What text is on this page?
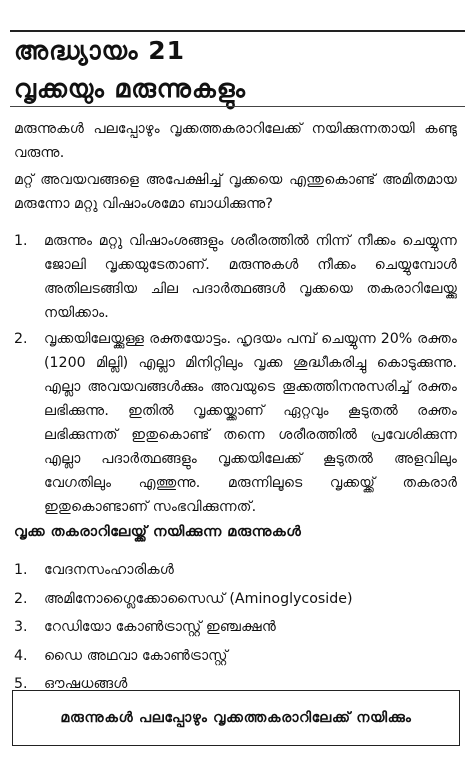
അദ്ധ്യായം 21
വൃക്കയും മരുന്നുകളും

മരുന്നുകൾ പലപ്പോഴും വൃക്കത്തകരാറിലേക്ക് നയിക്കുന്നതായി കണ്ടു വരുന്നു.

മറ്റ് അവയവങ്ങളെ അപേക്ഷിച്ച് വൃക്കയെ എന്തുകൊണ്ട് അമിതമായ മരുന്നോ മറ്റു വിഷാംശമോ ബാധിക്കുന്നു?

1.	മരുന്നും മറ്റു വിഷാംശങ്ങളും ശരീരത്തിൽ നിന്ന് നീക്കം ചെയ്യുന്ന ജോലി വൃക്കയുടേതാണ്. മരുന്നുകൾ നീക്കം ചെയ്യുമ്പോൾ അതിലടങ്ങിയ ചില പദാർത്ഥങ്ങൾ വൃക്കയെ തകരാറിലേയ്ക്കു നയിക്കാം.
2.	വൃക്കയിലേയ്ക്കുള്ള രക്തയോട്ടം. ഹൃദയം പമ്പ് ചെയ്യുന്ന 20% രക്തം (1200 മില്ലി) എല്ലാ മിനിറ്റിലും വൃക്ക ശുദ്ധീകരിച്ചു കൊടുക്കുന്നു. എല്ലാ അവയവങ്ങൾക്കും അവയുടെ തൂക്കത്തിനനുസരിച്ച് രക്തം ലഭിക്കുന്നു. ഇതിൽ വൃക്കയ്ക്കാണ് ഏറ്റവും കൂടുതൽ രക്തം ലഭിക്കുന്നത് ഇതുകൊണ്ട് തന്നെ ശരീരത്തിൽ പ്രവേശിക്കുന്ന എല്ലാ പദാർത്ഥങ്ങളും വൃക്കയിലേക്ക് കൂടുതൽ അളവിലും വേഗതിലും എത്തുന്നു. മരുന്നിലൂടെ വൃക്കയ്ക്ക് തകരാർ ഇതുകൊണ്ടാണ് സംഭവിക്കുന്നത്.
വൃക്ക തകരാറിലേയ്ക്ക് നയിക്കുന്ന മരുന്നുകൾ
1. വേദനസംഹാരികൾ
2. അമിനോഗ്ലൈക്കോസൈഡ് (Aminoglycoside)
3. റേഡിയോ കോൺട്രാസ്റ്റ് ഇഞ്ചക്ഷൻ
4. ഡൈ അഥവാ കോൺട്രാസ്റ്റ്
5. ഔഷധങ്ങൾ
മരുന്നുകൾ പലപ്പോഴും വൃക്കത്തകരാറിലേക്ക് നയിക്കും
